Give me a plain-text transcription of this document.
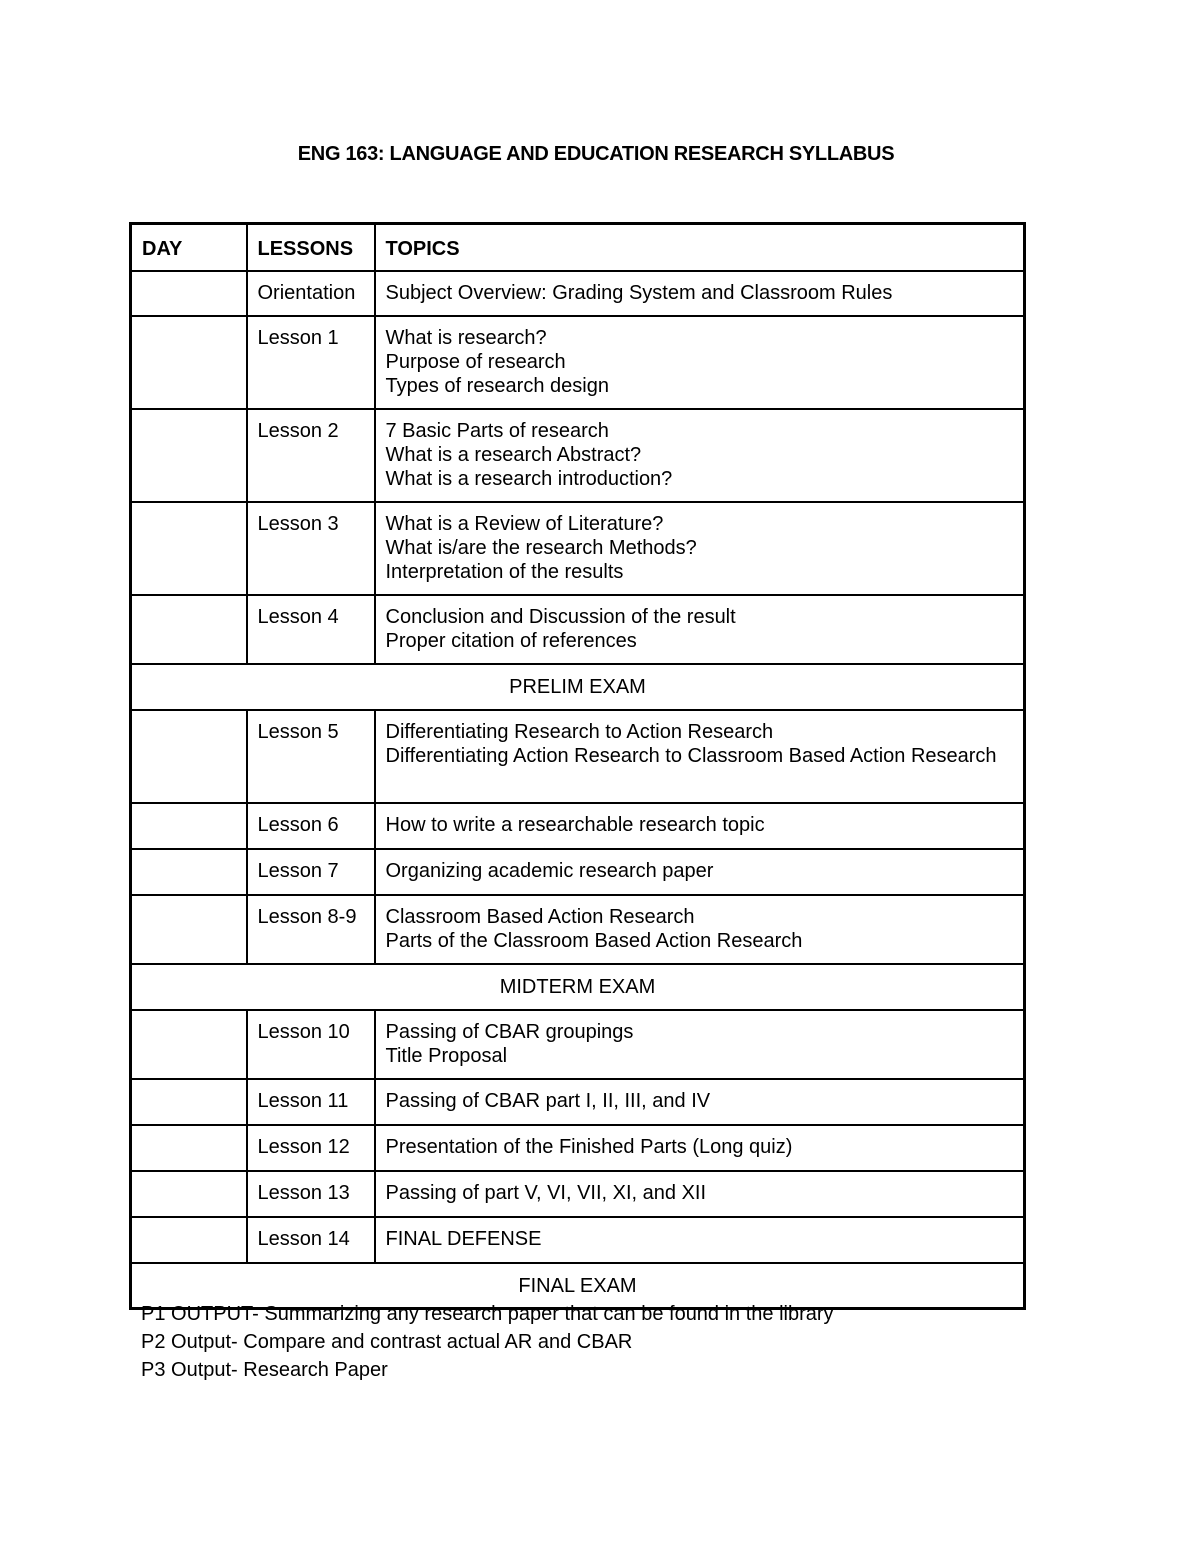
ENG 163: LANGUAGE AND EDUCATION RESEARCH SYLLABUS
DAY	LESSONS	TOPICS
	Orientation	Subject Overview: Grading System and Classroom Rules

	Lesson 1	What is research?
Purpose of research
Types of research design

	Lesson 2	7 Basic Parts of research
What is a research Abstract?
What is a research introduction?

	Lesson 3	What is a Review of Literature?
What is/are the research Methods?
Interpretation of the results

	Lesson 4	Conclusion and Discussion of the result
Proper citation of references

PRELIM EXAM		
	Lesson 5	Differentiating Research to Action Research
Differentiating Action Research to Classroom Based Action Research

	Lesson 6	How to write a researchable research topic

	Lesson 7	Organizing academic research paper

	Lesson 8-9	Classroom Based Action Research
Parts of the Classroom Based Action Research

MIDTERM EXAM		
	Lesson 10	Passing of CBAR groupings
Title Proposal

	Lesson 11	Passing of CBAR part I, II, III, and IV

	Lesson 12	Presentation of the Finished Parts (Long quiz)

	Lesson 13	Passing of part V, VI, VII, XI, and XII

	Lesson 14	FINAL DEFENSE

FINAL EXAM		
P1 OUTPUT- Summarizing any research paper that can be found in the library
P2 Output- Compare and contrast actual AR and CBAR
P3 Output- Research Paper
